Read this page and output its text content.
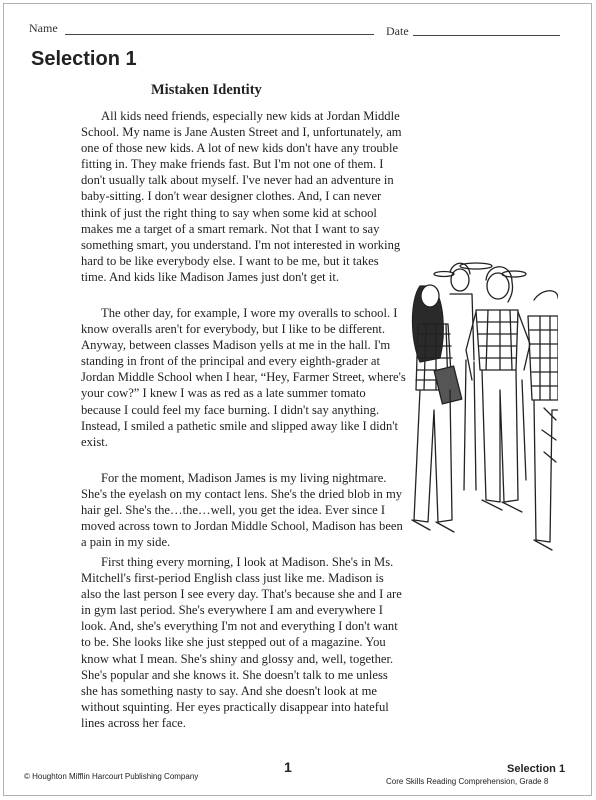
Name	Date
Selection 1
Mistaken Identity

All kids need friends, especially new kids at Jordan Middle School. My name is Jane Austen Street and I, unfortunately, am one of those new kids. A lot of new kids don't have any trouble fitting in. They make friends fast. But I'm not one of them. I don't usually talk about myself. I've never had an adventure in baby-sitting. I don't wear designer clothes. And, I can never think of just the right thing to say when some kid at school makes me a target of a smart remark. Not that I want to say something smart, you understand. I'm not interested in working hard to be like everybody else. I want to be me, but it takes time. And kids like Madison James just don't get it.

The other day, for example, I wore my overalls to school. I know overalls aren't for everybody, but I like to be different. Anyway, between classes Madison yells at me in the hall. I'm standing in front of the principal and every eighth-grader at Jordan Middle School when I hear, “Hey, Farmer Street, where's your cow?” I knew I was as red as a late summer tomato because I could feel my face burning. I didn't say anything. Instead, I smiled a pathetic smile and slipped away like I didn't exist.

For the moment, Madison James is my living nightmare. She's the eyelash on my contact lens. She's the dried blob in my hair gel. She's the…the…well, you get the idea. Ever since I moved across town to Jordan Middle School, Madison has been a pain in my side.

First thing every morning, I look at Madison. She's in Ms. Mitchell's first-period English class just like me. Madison is also the last person I see every day. That's because she and I are in gym last period. She's everywhere I am and everywhere I look. And, she's everything I'm not and everything I don't want to be. She looks like she just stepped out of a magazine. You know what I mean. She's shiny and glossy and, well, together. She's popular and she knows it. She doesn't talk to me unless she has something nasty to say. And she doesn't look at me without squinting. Her eyes practically disappear into hateful lines across her face.

© Houghton Mifflin Harcourt Publishing Company
1	Selection 1
Core Skills Reading Comprehension, Grade 8
